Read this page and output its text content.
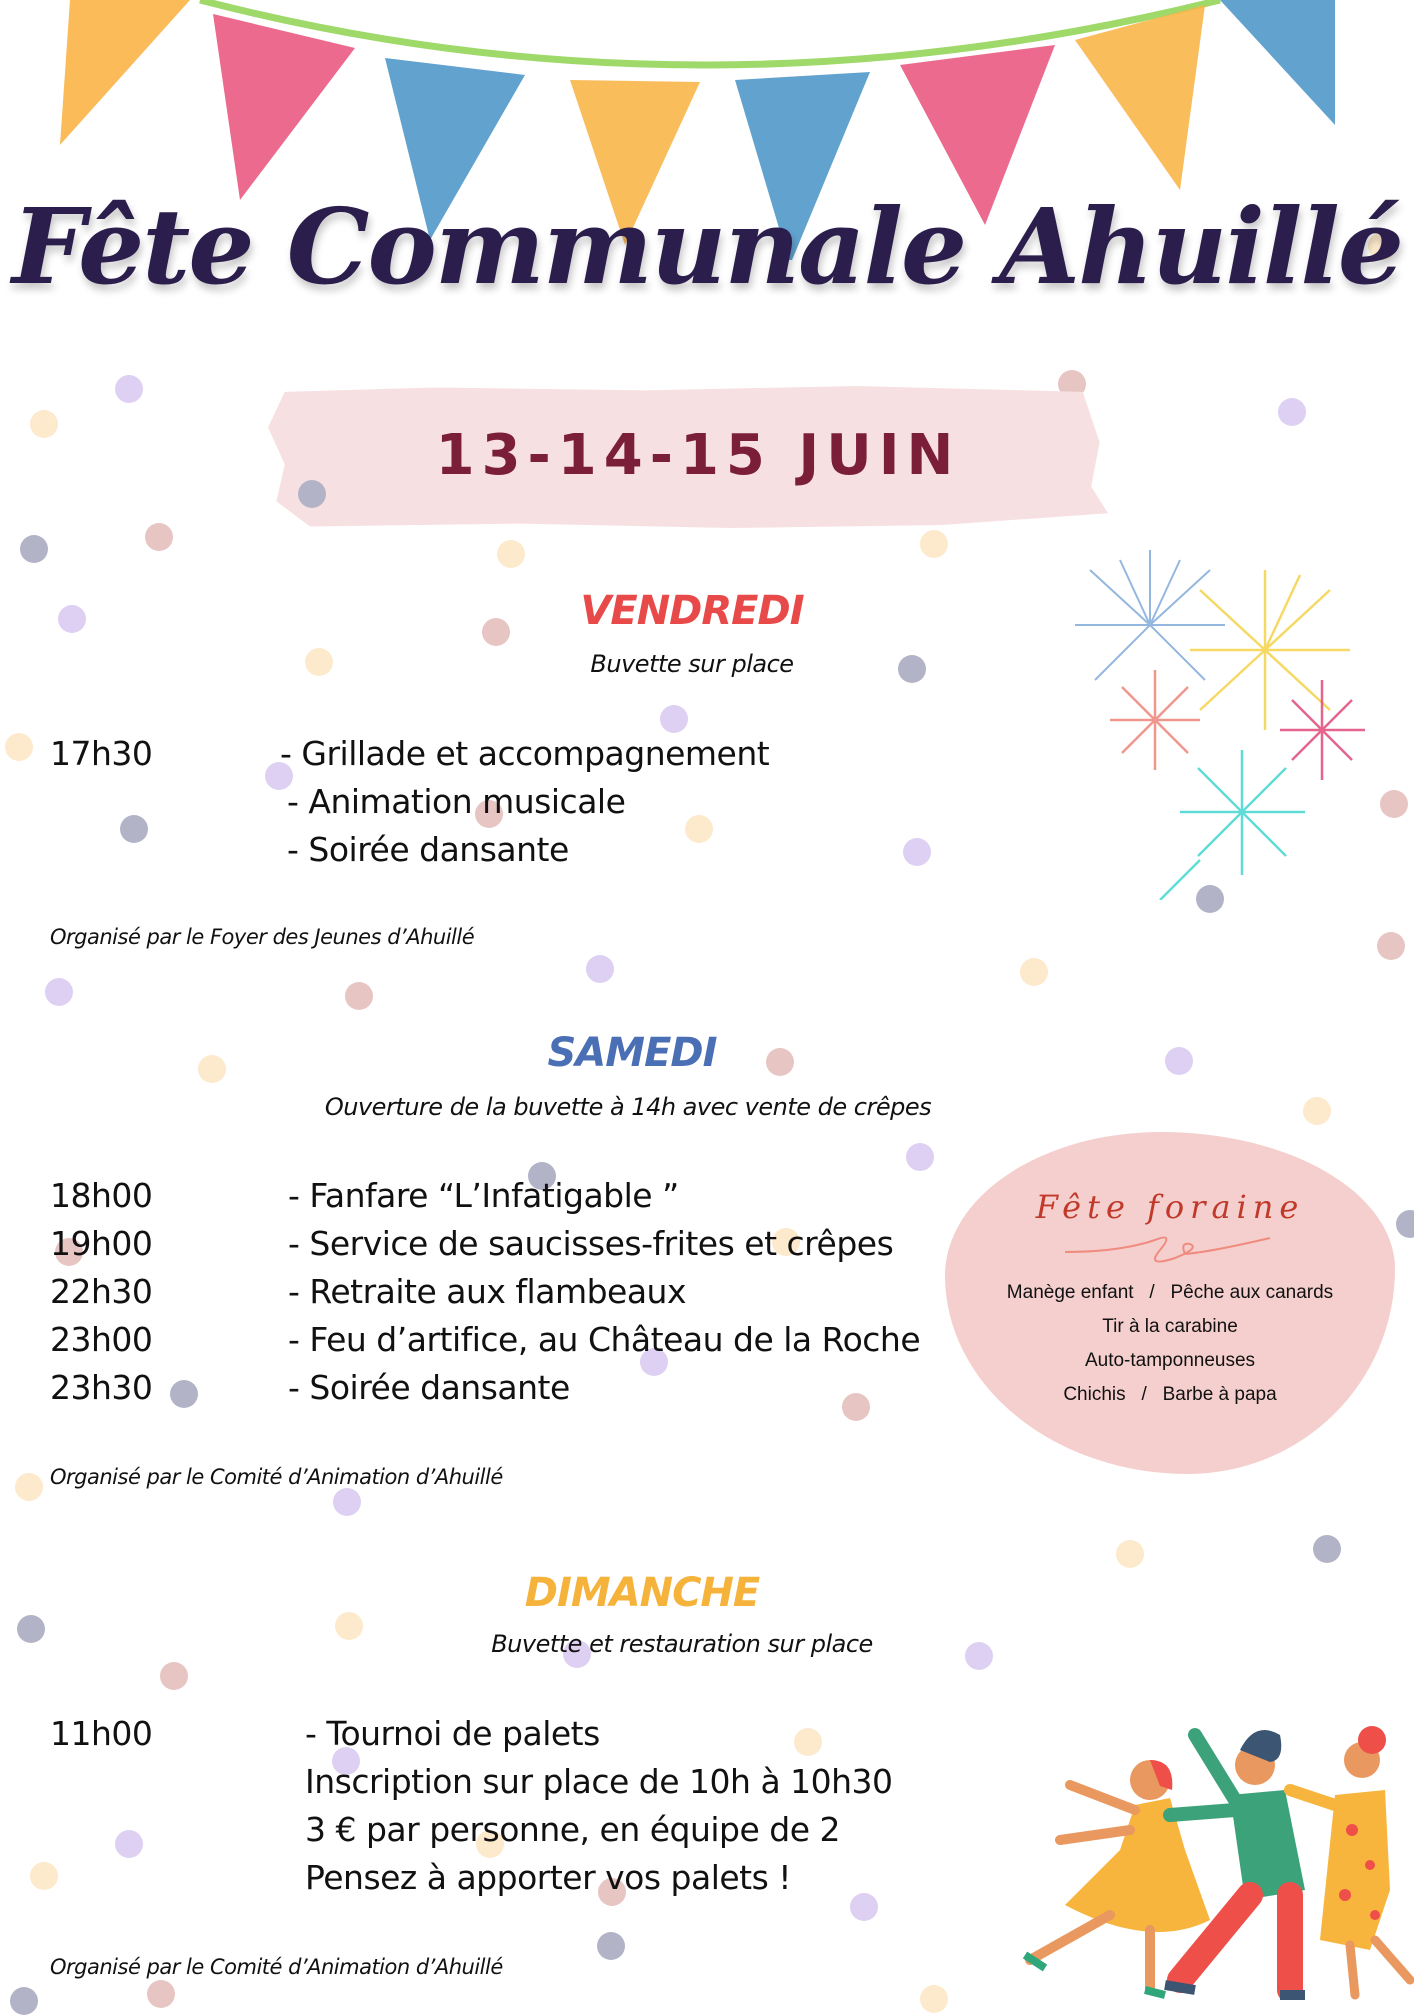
Fête Communale Ahuillé
13-14-15 JUIN
VENDREDI
Buvette sur place
17h30	- Grillade et accompagnement
- Animation musicale
- Soirée dansante
Organisé par le Foyer des Jeunes d’Ahuillé
SAMEDI
Ouverture de la buvette à 14h avec vente de crêpes
18h00	- Fanfare “L’Infatigable ”
19h00	- Service de saucisses-frites et crêpes
22h30	- Retraite aux flambeaux
23h00	- Feu d’artifice, au Château de la Roche
23h30	- Soirée dansante
Organisé par le Comité d’Animation d’Ahuillé
Fête foraine
Manège enfant   /   Pêche aux canards
Tir à la carabine
Auto-tamponneuses
Chichis   /   Barbe à papa
DIMANCHE
Buvette et restauration sur place
11h00	- Tournoi de palets
Inscription sur place de 10h à 10h30
3 € par personne, en équipe de 2
Pensez à apporter vos palets !
Organisé par le Comité d’Animation d’Ahuillé
